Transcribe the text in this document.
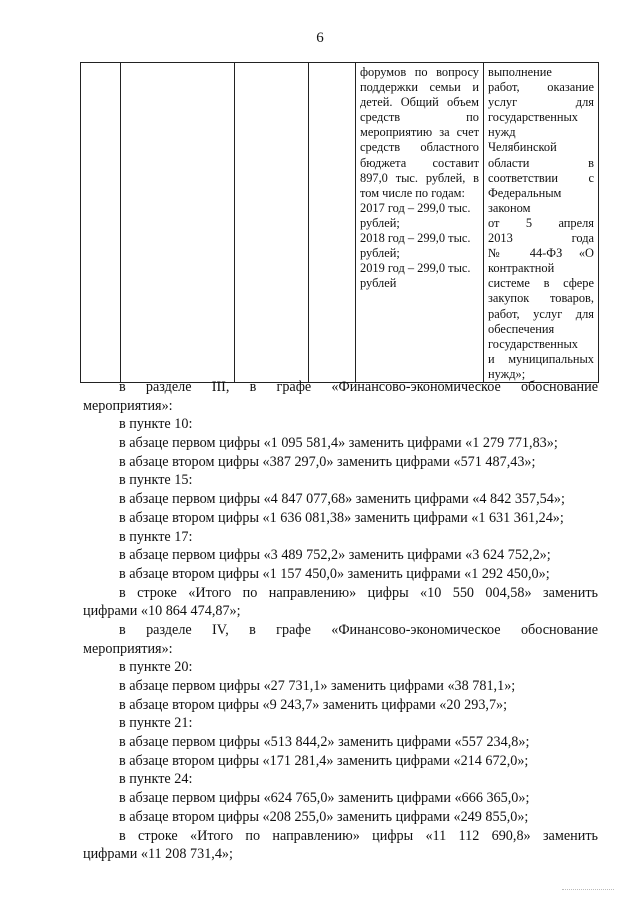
6

форумов по вопросу
поддержки семьи и
детей. Общий объем
средств по
мероприятию за счет
средств областного
бюджета составит
897,0 тыс. рублей, в
том числе по годам:
2017 год – 299,0 тыс.
рублей;
2018 год – 299,0 тыс.
рублей;
2019 год – 299,0 тыс.
рублей

выполнение
работ, оказание
услуг для
государственных
нужд
Челябинской
области в
соответствии с
Федеральным
законом
от 5 апреля
2013 года
№ 44-ФЗ «О
контрактной
системе в сфере
закупок товаров,
работ, услуг для
обеспечения
государственных
и муниципальных
нужд»;
в разделе III, в графе «Финансово-экономическое обоснование
мероприятия»:
в пункте 10:
в абзаце первом цифры «1 095 581,4» заменить цифрами «1 279 771,83»;
в абзаце втором цифры «387 297,0» заменить цифрами «571 487,43»;
в пункте 15:
в абзаце первом цифры «4 847 077,68» заменить цифрами «4 842 357,54»;
в абзаце втором цифры «1 636 081,38» заменить цифрами «1 631 361,24»;
в пункте 17:
в абзаце первом цифры «3 489 752,2» заменить цифрами «3 624 752,2»;
в абзаце втором цифры «1 157 450,0» заменить цифрами «1 292 450,0»;
в строке «Итого по направлению» цифры «10 550 004,58» заменить
цифрами «10 864 474,87»;
в разделе IV, в графе «Финансово-экономическое обоснование
мероприятия»:
в пункте 20:
в абзаце первом цифры «27 731,1» заменить цифрами «38 781,1»;
в абзаце втором цифры «9 243,7» заменить цифрами «20 293,7»;
в пункте 21:
в абзаце первом цифры «513 844,2» заменить цифрами «557 234,8»;
в абзаце втором цифры «171 281,4» заменить цифрами «214 672,0»;
в пункте 24:
в абзаце первом цифры «624 765,0» заменить цифрами «666 365,0»;
в абзаце втором цифры «208 255,0» заменить цифрами «249 855,0»;
в строке «Итого по направлению» цифры «11 112 690,8» заменить
цифрами «11 208 731,4»;
